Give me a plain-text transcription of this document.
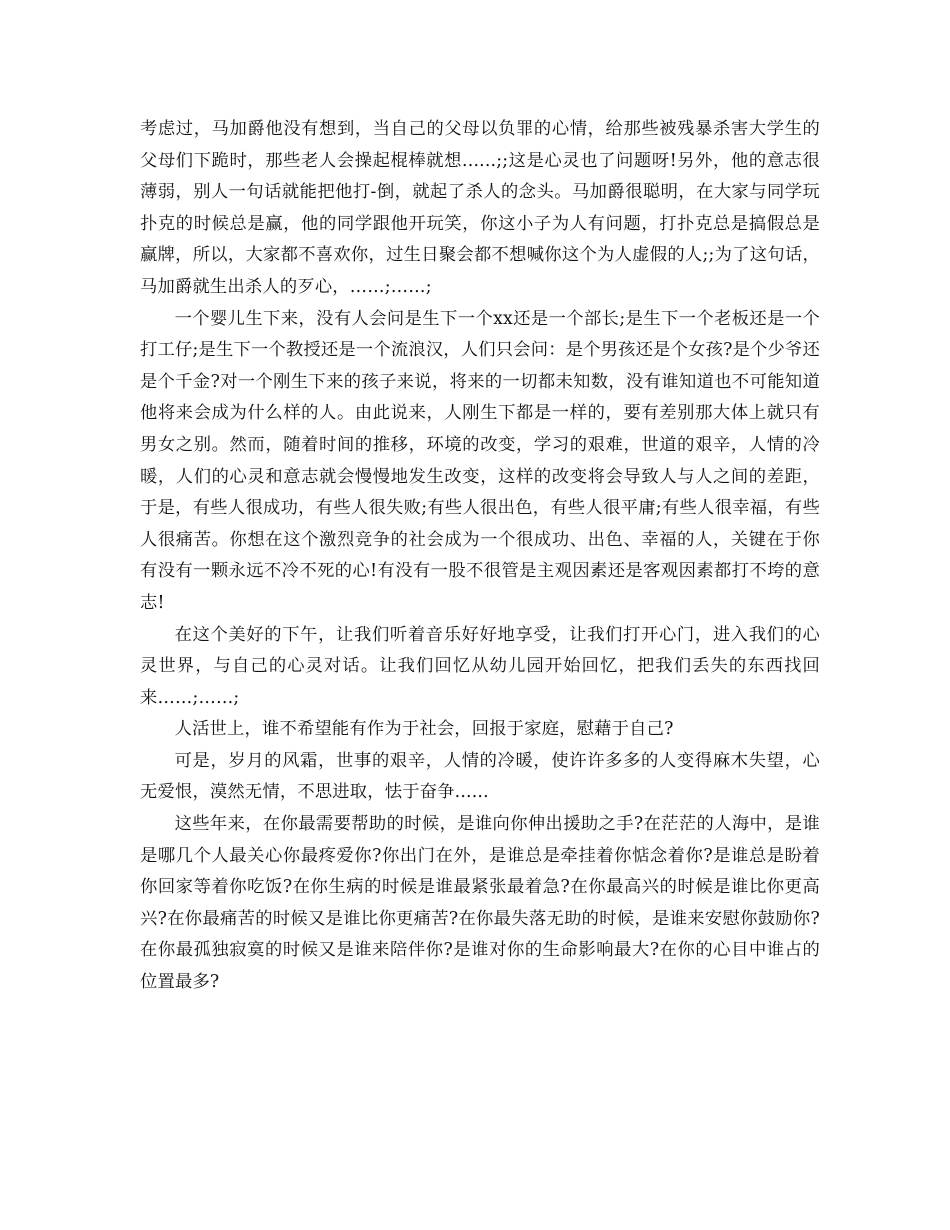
考虑过，马加爵他没有想到，当自己的父母以负罪的心情，给那些被残暴杀害大学生的父母们下跪时，那些老人会操起棍棒就想......;;这是心灵也了问题呀!另外，他的意志很薄弱，别人一句话就能把他打-倒，就起了杀人的念头。马加爵很聪明，在大家与同学玩扑克的时候总是赢，他的同学跟他开玩笑，你这小子为人有问题，打扑克总是搞假总是赢牌，所以，大家都不喜欢你，过生日聚会都不想喊你这个为人虚假的人;;为了这句话，马加爵就生出杀人的歹心，……;……;

一个婴儿生下来，没有人会问是生下一个xx还是一个部长;是生下一个老板还是一个打工仔;是生下一个教授还是一个流浪汉，人们只会问：是个男孩还是个女孩?是个少爷还是个千金?对一个刚生下来的孩子来说，将来的一切都未知数，没有谁知道也不可能知道他将来会成为什么样的人。由此说来，人刚生下都是一样的，要有差别那大体上就只有男女之别。然而，随着时间的推移，环境的改变，学习的艰难，世道的艰辛，人情的冷暖，人们的心灵和意志就会慢慢地发生改变，这样的改变将会导致人与人之间的差距，于是，有些人很成功，有些人很失败;有些人很出色，有些人很平庸;有些人很幸福，有些人很痛苦。你想在这个激烈竞争的社会成为一个很成功、出色、幸福的人，关键在于你有没有一颗永远不冷不死的心!有没有一股不很管是主观因素还是客观因素都打不垮的意志!

在这个美好的下午，让我们听着音乐好好地享受，让我们打开心门，进入我们的心灵世界，与自己的心灵对话。让我们回忆从幼儿园开始回忆，把我们丢失的东西找回来……;……;

人活世上，谁不希望能有作为于社会，回报于家庭，慰藉于自己?

可是，岁月的风霜，世事的艰辛，人情的冷暖，使许许多多的人变得麻木失望，心无爱恨，漠然无情，不思进取，怯于奋争......

这些年来，在你最需要帮助的时候，是谁向你伸出援助之手?在茫茫的人海中，是谁是哪几个人最关心你最疼爱你?你出门在外，是谁总是牵挂着你惦念着你?是谁总是盼着你回家等着你吃饭?在你生病的时候是谁最紧张最着急?在你最高兴的时候是谁比你更高兴?在你最痛苦的时候又是谁比你更痛苦?在你最失落无助的时候，是谁来安慰你鼓励你?在你最孤独寂寞的时候又是谁来陪伴你?是谁对你的生命影响最大?在你的心目中谁占的位置最多?
